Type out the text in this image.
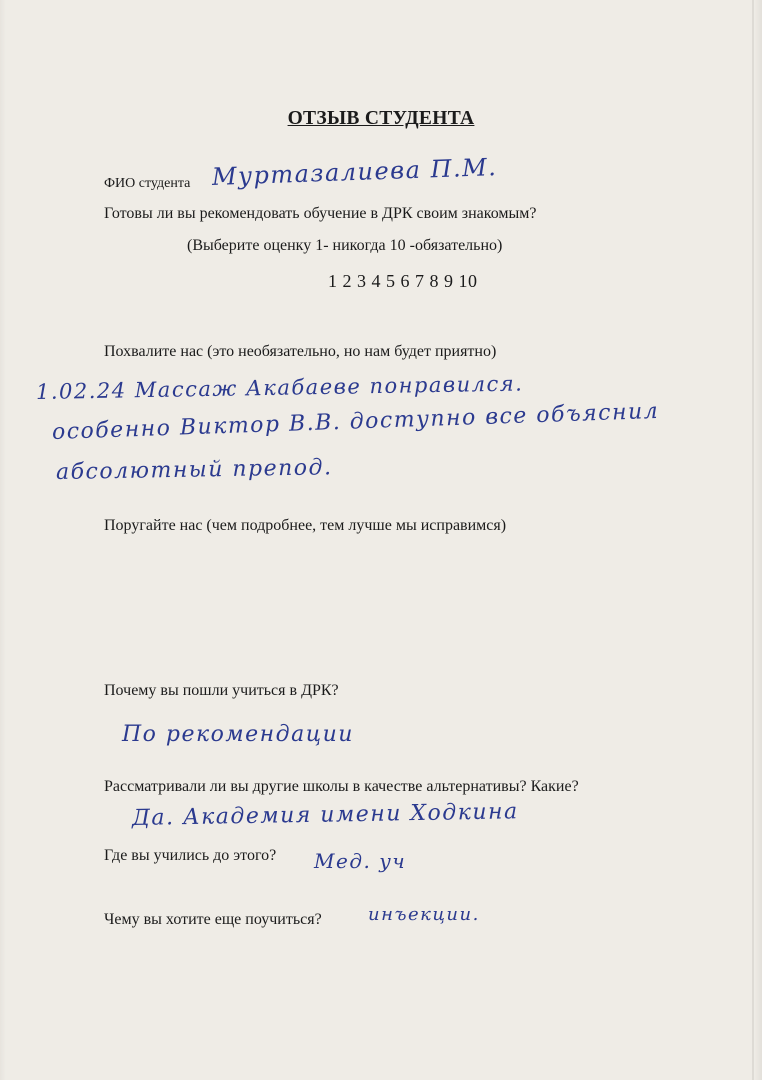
ОТЗЫВ СТУДЕНТА
ФИО студента Муртазалиева П.М.
Готовы ли вы рекомендовать обучение в ДРК своим знакомым?
(Выберите оценку 1- никогда 10 -обязательно)
1 2 3 4 5 6 7 8 9 10
Похвалите нас (это необязательно, но нам будет приятно)
1.02.24 Массаж Акабаеве понравился.
особенно Виктор В.В. доступно все объяснил
абсолютный препод.
Поругайте нас (чем подробнее, тем лучше мы исправимся)
Почему вы пошли учиться в ДРК?
По рекомендации
Рассматривали ли вы другие школы в качестве альтернативы? Какие?
Да. Академия имени Ходкина
Где вы учились до этого? Мед. уч
Чему вы хотите еще поучиться?	инъекции.
